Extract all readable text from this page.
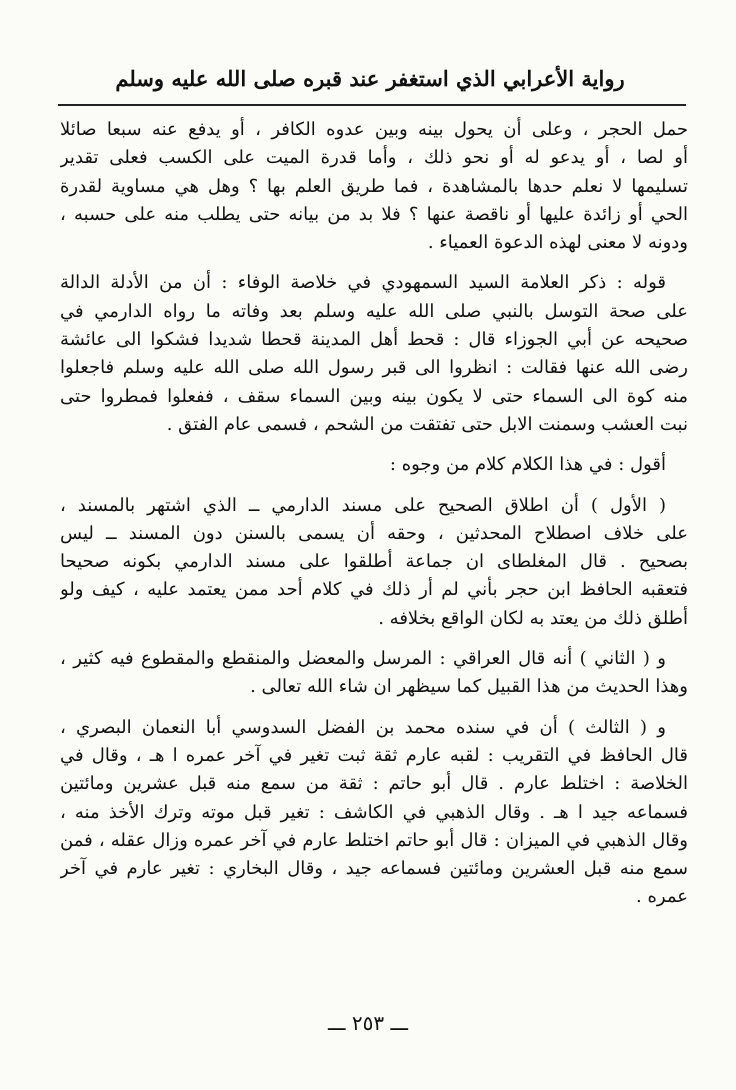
رواية الأعرابي الذي استغفر عند قبره صلى الله عليه وسلم
حمل الحجر ، وعلى أن يحول بينه وبين عدوه الكافر ، أو يدفع عنه سبعا صائلا
أو لصا ، أو يدعو له أو نحو ذلك ، وأما قدرة الميت على الكسب فعلى تقدير
تسليمها لا نعلم حدها بالمشاهدة ، فما طريق العلم بها ؟ وهل هي مساوية لقدرة
الحي أو زائدة عليها أو ناقصة عنها ؟ فلا بد من بيانه حتى يطلب منه على حسبه ،
ودونه لا معنى لهذه الدعوة العمياء .
قوله : ذكر العلامة السيد السمهودي في خلاصة الوفاء : أن من الأدلة الدالة
على صحة التوسل بالنبي صلى الله عليه وسلم بعد وفاته ما رواه الدارمي في
صحيحه عن أبي الجوزاء قال : قحط أهل المدينة قحطا شديدا فشكوا الى عائشة
رضى الله عنها فقالت : انظروا الى قبر رسول الله صلى الله عليه وسلم فاجعلوا
منه كوة الى السماء حتى لا يكون بينه وبين السماء سقف ، ففعلوا فمطروا حتى
نبت العشب وسمنت الابل حتى تفتقت من الشحم ، فسمى عام الفتق .
أقول : في هذا الكلام كلام من وجوه :
( الأول ) أن اطلاق الصحيح على مسند الدارمي ــ الذي اشتهر بالمسند ،
على خلاف اصطلاح المحدثين ، وحقه أن يسمى بالسنن دون المسند ــ ليس
بصحيح . قال المغلطاى ان جماعة أطلقوا على مسند الدارمي بكونه صحيحا
فتعقبه الحافظ ابن حجر بأني لم أر ذلك في كلام أحد ممن يعتمد عليه ، كيف ولو
أطلق ذلك من يعتد به لكان الواقع بخلافه .
و ( الثاني ) أنه قال العراقي : المرسل والمعضل والمنقطع والمقطوع فيه كثير ،
وهذا الحديث من هذا القبيل كما سيظهر ان شاء الله تعالى .
و ( الثالث ) أن في سنده محمد بن الفضل السدوسي أبا النعمان البصري ،
قال الحافظ في التقريب : لقبه عارم ثقة ثبت تغير في آخر عمره ا هـ ، وقال في
الخلاصة : اختلط عارم . قال أبو حاتم : ثقة من سمع منه قبل عشرين ومائتين
فسماعه جيد ا هـ . وقال الذهبي في الكاشف : تغير قبل موته وترك الأخذ منه ،
وقال الذهبي في الميزان : قال أبو حاتم اختلط عارم في آخر عمره وزال عقله ، فمن
سمع منه قبل العشرين ومائتين فسماعه جيد ، وقال البخاري : تغير عارم في آخر
عمره .
ـــ ٢٥٣ ـــ
